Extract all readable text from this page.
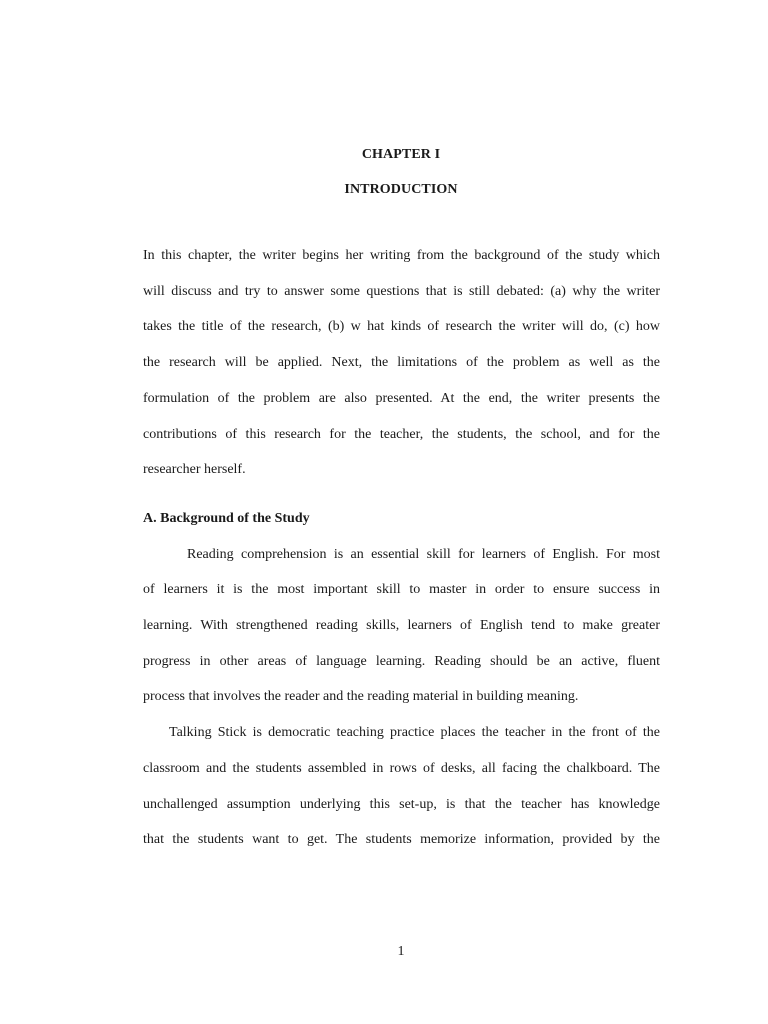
CHAPTER I
INTRODUCTION
In this chapter, the writer begins her writing from the background of the study which
will discuss and try to answer some questions that is still debated: (a) why the writer
takes the title of the research, (b) w hat kinds of research the writer will do, (c) how
the research will be applied. Next, the limitations of the problem as well as the
formulation of the problem are also presented. At the end, the writer presents the
contributions of this research for the teacher, the students, the school, and for the
researcher herself.
A. Background of the Study
Reading comprehension is an essential skill for learners of English. For most
of learners it is the most important skill to master in order to ensure success in
learning. With strengthened reading skills, learners of English tend to make greater
progress in other areas of language learning. Reading should be an active, fluent
process that involves the reader and the reading material in building meaning.
Talking Stick is democratic teaching practice places the teacher in the front of the
classroom and the students assembled in rows of desks, all facing the chalkboard. The
unchallenged assumption underlying this set-up, is that the teacher has knowledge
that the students want to get. The students memorize information, provided by the
1
